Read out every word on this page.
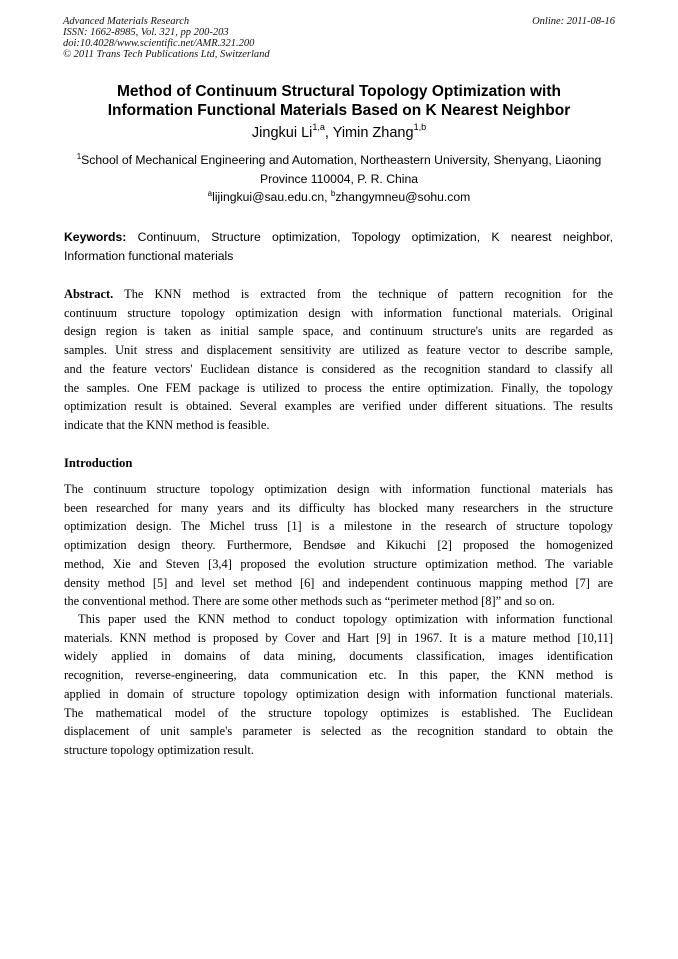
Advanced Materials Research
ISSN: 1662-8985, Vol. 321, pp 200-203
doi:10.4028/www.scientific.net/AMR.321.200
© 2011 Trans Tech Publications Ltd, Switzerland
Online: 2011-08-16
Method of Continuum Structural Topology Optimization with
Information Functional Materials Based on K Nearest Neighbor
Jingkui Li$^{1,a}$, Yimin Zhang$^{1,b}$
$^1$School of Mechanical Engineering and Automation, Northeastern University, Shenyang, Liaoning
Province 110004, P. R. China
$^a$lijingkui@sau.edu.cn, $^b$zhangymneu@sohu.com
Keywords: Continuum, Structure optimization, Topology optimization, K nearest neighbor,
Information functional materials
Abstract. The KNN method is extracted from the technique of pattern recognition for the
continuum structure topology optimization design with information functional materials. Original
design region is taken as initial sample space, and continuum structure's units are regarded as
samples. Unit stress and displacement sensitivity are utilized as feature vector to describe sample,
and the feature vectors' Euclidean distance is considered as the recognition standard to classify all
the samples. One FEM package is utilized to process the entire optimization. Finally, the topology
optimization result is obtained. Several examples are verified under different situations. The results
indicate that the KNN method is feasible.
Introduction
The continuum structure topology optimization design with information functional materials has
been researched for many years and its difficulty has blocked many researchers in the structure
optimization design. The Michel truss [1] is a milestone in the research of structure topology
optimization design theory. Furthermore, Bendsøe and Kikuchi [2] proposed the homogenized
method, Xie and Steven [3,4] proposed the evolution structure optimization method. The variable
density method [5] and level set method [6] and independent continuous mapping method [7] are
the conventional method. There are some other methods such as “perimeter method [8]” and so on.
This paper used the KNN method to conduct topology optimization with information functional
materials. KNN method is proposed by Cover and Hart [9] in 1967. It is a mature method [10,11]
widely applied in domains of data mining, documents classification, images identification
recognition, reverse-engineering, data communication etc. In this paper, the KNN method is
applied in domain of structure topology optimization design with information functional materials.
The mathematical model of the structure topology optimizes is established. The Euclidean
displacement of unit sample's parameter is selected as the recognition standard to obtain the
structure topology optimization result.
